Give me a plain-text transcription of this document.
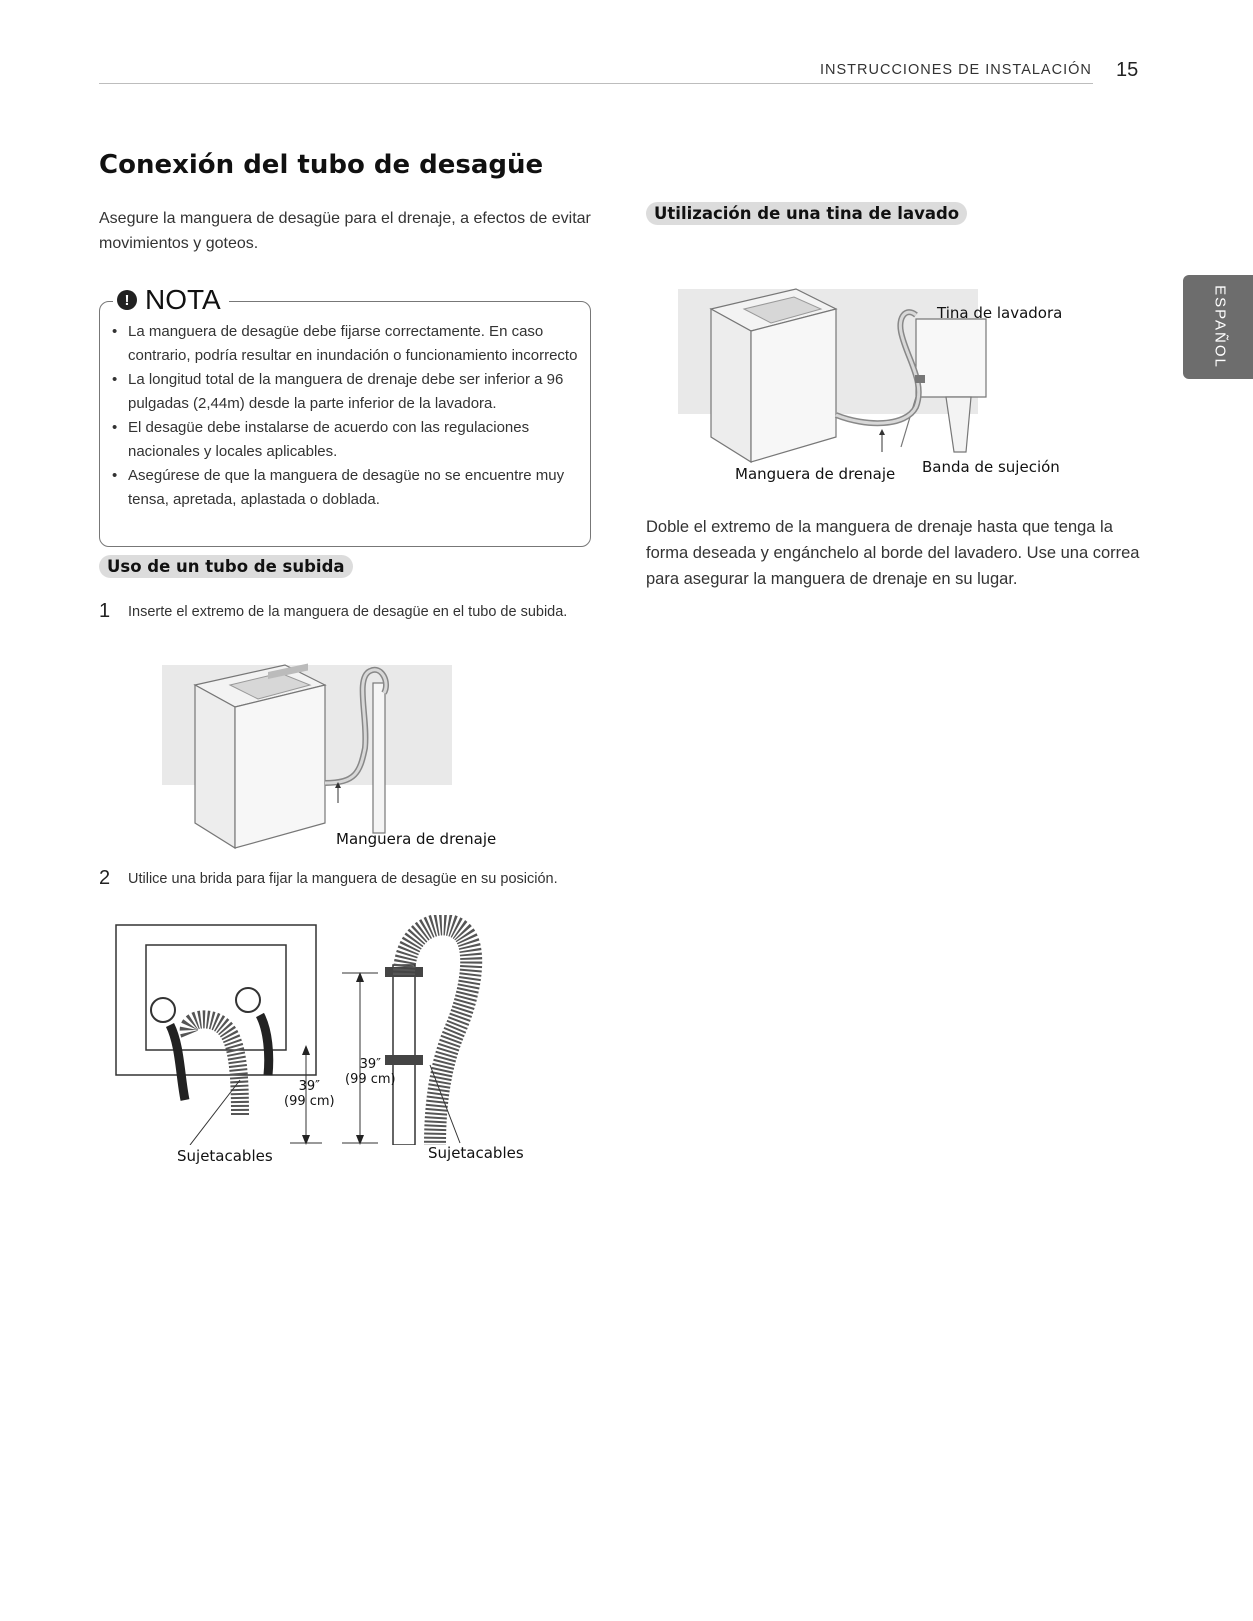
INSTRUCCIONES DE INSTALACIÓN 15
ESPAÑOL
Conexión del tubo de desagüe
Asegure la manguera de desagüe para el drenaje, a efectos de evitar movimientos y goteos.
! NOTA
• La manguera de desagüe debe fijarse correctamente. En caso contrario, podría resultar en inundación o funcionamiento incorrecto
• La longitud total de la manguera de drenaje debe ser inferior a 96 pulgadas (2,44m) desde la parte inferior de la lavadora.
• El desagüe debe instalarse de acuerdo con las regulaciones nacionales y locales aplicables.
• Asegúrese de que la manguera de desagüe no se encuentre muy tensa, apretada, aplastada o doblada.
Uso de un tubo de subida
1 Inserte el extremo de la manguera de desagüe en el tubo de subida.
Manguera de drenaje
2 Utilice una brida para fijar la manguera de desagüe en su posición.
39″
(99 cm)
39″
(99 cm)
Sujetacables	Sujetacables
Utilización de una tina de lavado
Tina de lavadora
Manguera de drenaje Banda de sujeción
Doble el extremo de la manguera de drenaje hasta que tenga la forma deseada y engánchelo al borde del lavadero. Use una correa para asegurar la manguera de drenaje en su lugar.
